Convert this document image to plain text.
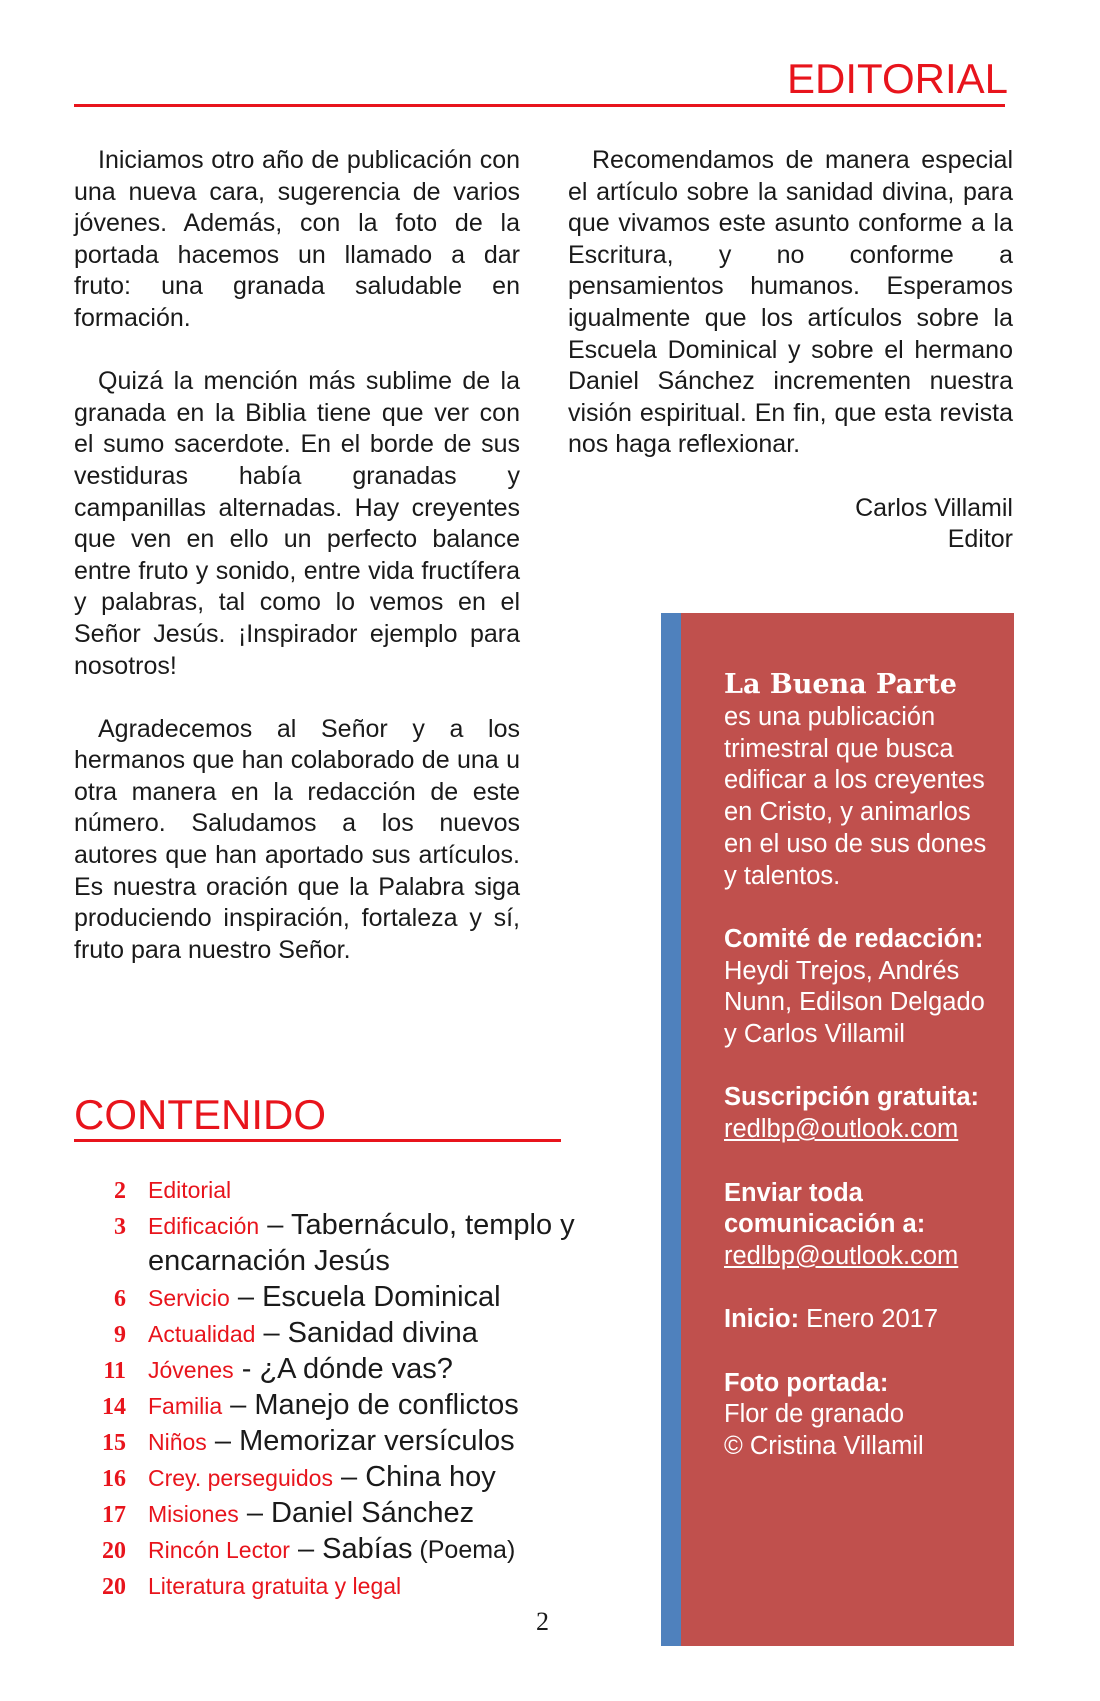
EDITORIAL

Iniciamos otro año de publicación con una nueva cara, sugerencia de varios jóvenes. Además, con la foto de la portada hacemos un llamado a dar fruto: una granada saludable en formación.

Quizá la mención más sublime de la granada en la Biblia tiene que ver con el sumo sacerdote. En el borde de sus vestiduras había granadas y campanillas alternadas. Hay creyentes que ven en ello un perfecto balance entre fruto y sonido, entre vida fructífera y palabras, tal como lo vemos en el Señor Jesús. ¡Inspirador ejemplo para nosotros!

Agradecemos al Señor y a los hermanos que han colaborado de una u otra manera en la redacción de este número. Saludamos a los nuevos autores que han aportado sus artículos. Es nuestra oración que la Palabra siga produciendo inspiración, fortaleza y sí, fruto para nuestro Señor.

Recomendamos de manera especial el artículo sobre la sanidad divina, para que vivamos este asunto conforme a la Escritura, y no conforme a pensamientos humanos. Esperamos igualmente que los artículos sobre la Escuela Dominical y sobre el hermano Daniel Sánchez incrementen nuestra visión espiritual. En fin, que esta revista nos haga reflexionar.

Carlos Villamil
Editor
CONTENIDO
2 Editorial
3 Edificación – Tabernáculo, templo y encarnación Jesús
6 Servicio – Escuela Dominical
9 Actualidad – Sanidad divina
11 Jóvenes - ¿A dónde vas?
14 Familia – Manejo de conflictos
15 Niños – Memorizar versículos
16 Crey. perseguidos – China hoy
17 Misiones – Daniel Sánchez
20 Rincón Lector – Sabías (Poema)
20 Literatura gratuita y legal
2
La Buena Parte
es una publicación trimestral que busca edificar a los creyentes en Cristo, y animarlos en el uso de sus dones y talentos.
Comité de redacción: Heydi Trejos, Andrés Nunn, Edilson Delgado y Carlos Villamil
Suscripción gratuita:
redlbp@outlook.com
Enviar toda comunicación a:
redlbp@outlook.com
Inicio: Enero 2017
Foto portada:
Flor de granado
© Cristina Villamil
